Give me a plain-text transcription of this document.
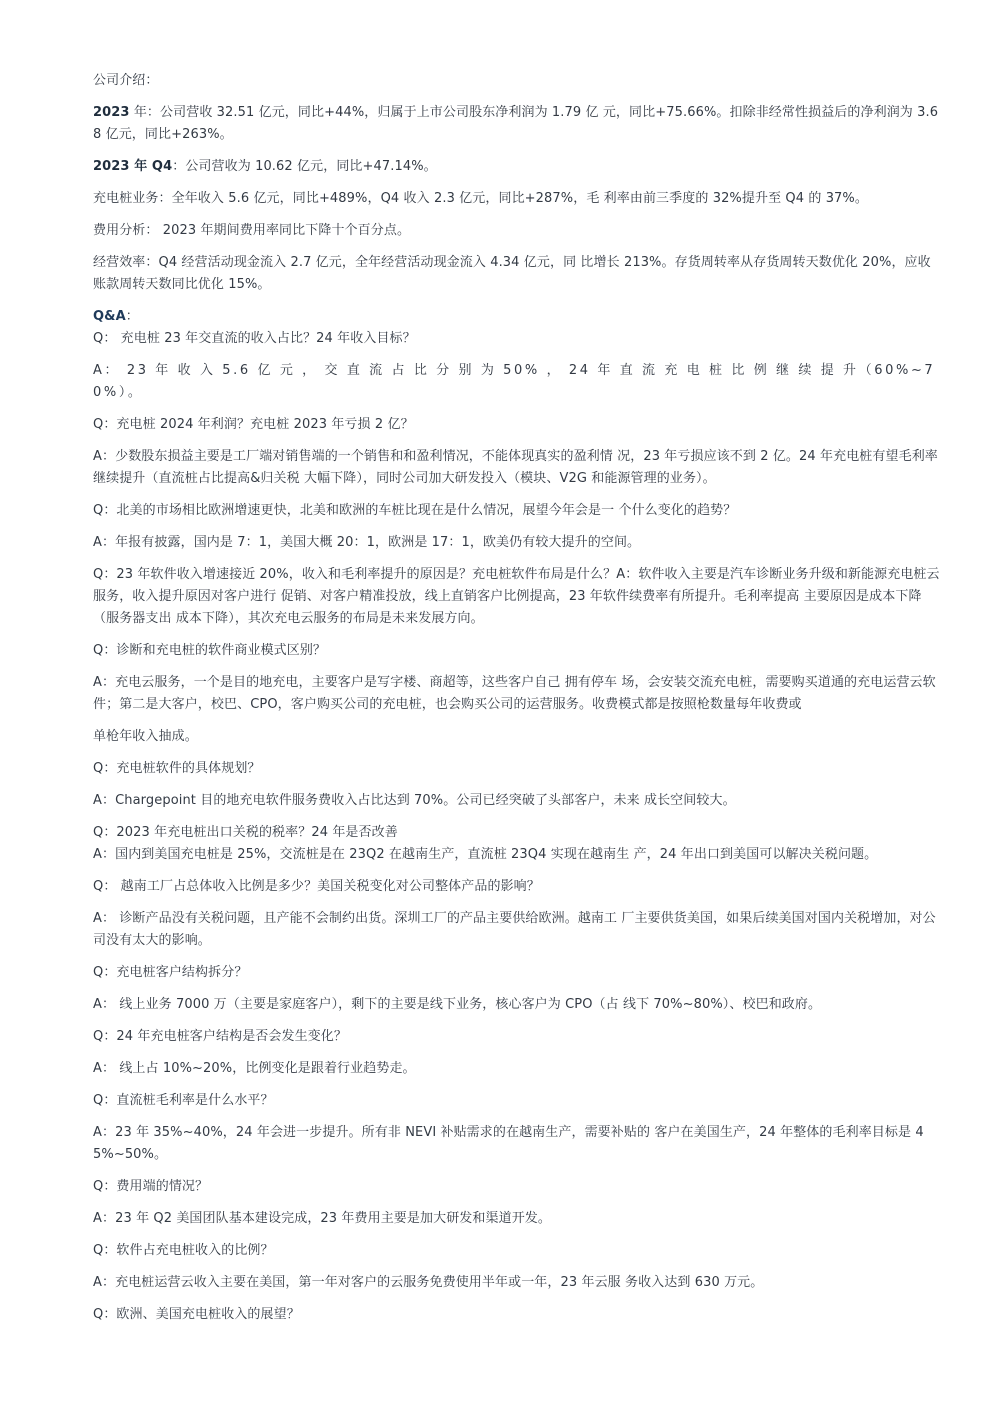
公司介绍：

2023 年：公司营收 32.51 亿元，同比+44%，归属于上市公司股东净利润为 1.79 亿 元，同比+75.66%。扣除非经常性损益后的净利润为 3.68 亿元，同比+263%。

2023 年 Q4：公司营收为 10.62 亿元，同比+47.14%。

充电桩业务：全年收入 5.6 亿元，同比+489%，Q4 收入 2.3 亿元，同比+287%，毛 利率由前三季度的 32%提升至 Q4 的 37%。

费用分析： 2023 年期间费用率同比下降十个百分点。

经营效率：Q4 经营活动现金流入 2.7 亿元，全年经营活动现金流入 4.34 亿元，同 比增长 213%。存货周转率从存货周转天数优化 20%，应收账款周转天数同比优化 15%。

Q&A：

Q： 充电桩 23 年交直流的收入占比？24 年收入目标？

A： 23 年 收 入 5.6 亿 元 ， 交 直 流 占 比 分 别 为 50% ， 24 年 直 流 充 电 桩 比 例 继 续 提 升（60%~70%）。

Q：充电桩 2024 年利润？充电桩 2023 年亏损 2 亿？

A：少数股东损益主要是工厂端对销售端的一个销售和和盈利情况，不能体现真实的盈利情 况，23 年亏损应该不到 2 亿。24 年充电桩有望毛利率继续提升（直流桩占比提高&归关税 大幅下降），同时公司加大研发投入（模块、V2G 和能源管理的业务）。

Q：北美的市场相比欧洲增速更快，北美和欧洲的车桩比现在是什么情况，展望今年会是一 个什么变化的趋势？

A：年报有披露，国内是 7：1，美国大概 20：1，欧洲是 17：1，欧美仍有较大提升的空间。

Q：23 年软件收入增速接近 20%，收入和毛利率提升的原因是？充电桩软件布局是什么？A：软件收入主要是汽车诊断业务升级和新能源充电桩云服务，收入提升原因对客户进行 促销、对客户精准投放，线上直销客户比例提高，23 年软件续费率有所提升。毛利率提高 主要原因是成本下降（服务器支出 成本下降），其次充电云服务的布局是未来发展方向。

Q：诊断和充电桩的软件商业模式区别？

A：充电云服务，一个是目的地充电，主要客户是写字楼、商超等，这些客户自己 拥有停车 场，会安装交流充电桩，需要购买道通的充电运营云软件；第二是大客户，校巴、CPO，客户购买公司的充电桩，也会购买公司的运营服务。收费模式都是按照枪数量每年收费或

单枪年收入抽成。

Q：充电桩软件的具体规划？

A：Chargepoint 目的地充电软件服务费收入占比达到 70%。公司已经突破了头部客户，未来 成长空间较大。

Q：2023 年充电桩出口关税的税率？24 年是否改善

A：国内到美国充电桩是 25%，交流桩是在 23Q2 在越南生产，直流桩 23Q4 实现在越南生 产，24 年出口到美国可以解决关税问题。

Q： 越南工厂占总体收入比例是多少？美国关税变化对公司整体产品的影响？

A： 诊断产品没有关税问题，且产能不会制约出货。深圳工厂的产品主要供给欧洲。越南工 厂主要供货美国，如果后续美国对国内关税增加，对公司没有太大的影响。

Q：充电桩客户结构拆分？

A： 线上业务 7000 万（主要是家庭客户），剩下的主要是线下业务，核心客户为 CPO（占 线下 70%~80%）、校巴和政府。

Q：24 年充电桩客户结构是否会发生变化？

A： 线上占 10%~20%，比例变化是跟着行业趋势走。

Q：直流桩毛利率是什么水平？

A：23 年 35%~40%，24 年会进一步提升。所有非 NEVI 补贴需求的在越南生产，需要补贴的 客户在美国生产，24 年整体的毛利率目标是 45%~50%。

Q：费用端的情况？

A：23 年 Q2 美国团队基本建设完成，23 年费用主要是加大研发和渠道开发。

Q：软件占充电桩收入的比例？

A：充电桩运营云收入主要在美国，第一年对客户的云服务免费使用半年或一年，23 年云服 务收入达到 630 万元。

Q：欧洲、美国充电桩收入的展望？
